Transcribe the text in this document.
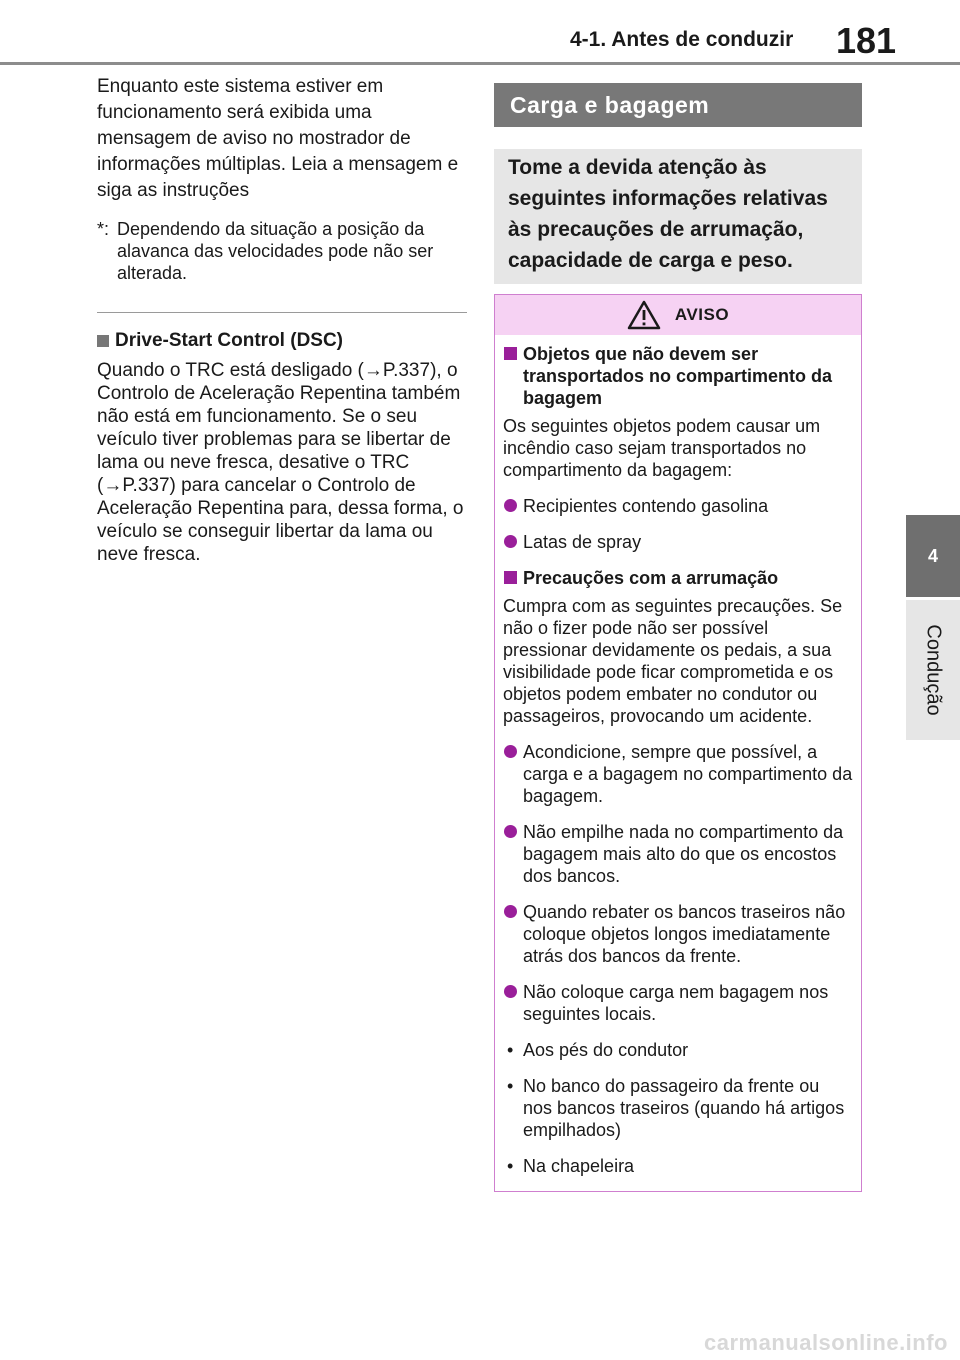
4-1. Antes de conduzir 181
4
Condução

Enquanto este sistema estiver em funcionamento será exibida uma mensagem de aviso no mostrador de informações múltiplas. Leia a mensagem e siga as instruções

*: Dependendo da situação a posição da alavanca das velocidades pode não ser alterada.
Drive-Start Control (DSC)

Quando o TRC está desligado (→P.337), o Controlo de Aceleração Repentina também não está em funcionamento. Se o seu veículo tiver problemas para se libertar de lama ou neve fresca, desative o TRC (→P.337) para cancelar o Controlo de Aceleração Repentina para, dessa forma, o veículo se conseguir libertar da lama ou neve fresca.

Carga e bagagem
Tome a devida atenção às seguintes informações relativas às precauções de arrumação, capacidade de carga e peso.
AVISO
Objetos que não devem ser transportados no compartimento da bagagem
Os seguintes objetos podem causar um incêndio caso sejam transportados no compartimento da bagagem:
Recipientes contendo gasolina
Latas de spray
Precauções com a arrumação
Cumpra com as seguintes precauções. Se não o fizer pode não ser possível pressionar devidamente os pedais, a sua visibilidade pode ficar comprometida e os objetos podem embater no condutor ou passageiros, provocando um acidente.
Acondicione, sempre que possível, a carga e a bagagem no compartimento da bagagem.
Não empilhe nada no compartimento da bagagem mais alto do que os encostos dos bancos.
Quando rebater os bancos traseiros não coloque objetos longos imediatamente atrás dos bancos da frente.
Não coloque carga nem bagagem nos seguintes locais.
• Aos pés do condutor
• No banco do passageiro da frente ou nos bancos traseiros (quando há artigos empilhados)
• Na chapeleira
carmanualsonline.info
